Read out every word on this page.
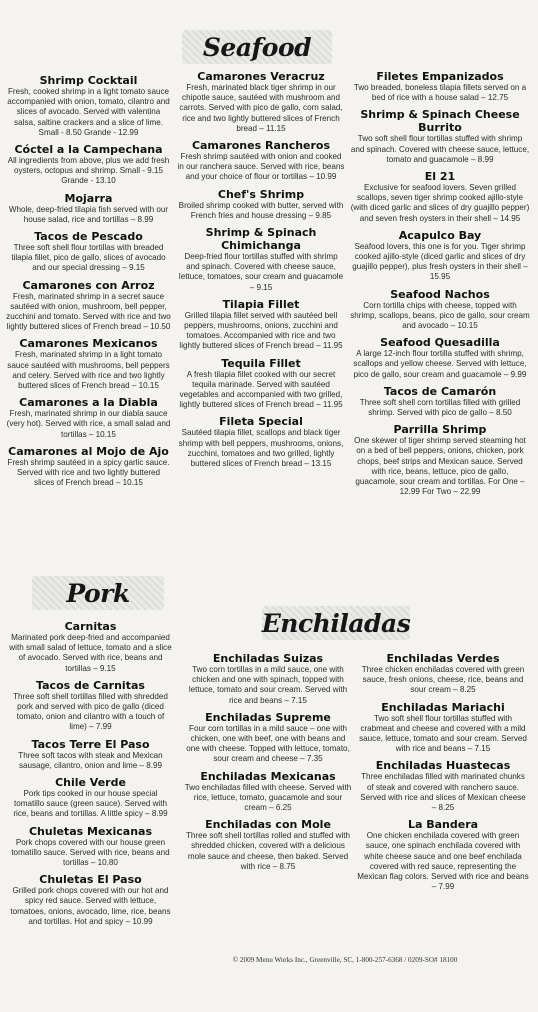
Seafood
Shrimp Cocktail
Fresh, cooked shrimp in a light tomato sauce accompanied with onion, tomato, cilantro and slices of avocado. Served with valentina salsa, saltine crackers and a slice of lime. Small - 8.50 Grande - 12.99
Cóctel a la Campechana
All ingredients from above, plus we add fresh oysters, octopus and shrimp. Small - 9.15 Grande - 13.10
Mojarra
Whole, deep-fried tilapia fish served with our house salad, rice and tortillas – 8.99
Tacos de Pescado
Three soft shell flour tortillas with breaded tilapia fillet, pico de gallo, slices of avocado and our special dressing – 9.15
Camarones con Arroz
Fresh, marinated shrimp in a secret sauce sautéed with onion, mushroom, bell pepper, zucchini and tomato. Served with rice and two lightly buttered slices of French bread – 10.50
Camarones Mexicanos
Fresh, marinated shrimp in a light tomato sauce sautéed with mushrooms, bell peppers and celery. Served with rice and two lightly buttered slices of French bread – 10.15
Camarones a la Diabla
Fresh, marinated shrimp in our diabla sauce (very hot). Served with rice, a small salad and tortillas – 10.15
Camarones al Mojo de Ajo
Fresh shrimp sautéed in a spicy garlic sauce. Served with rice and two lightly buttered slices of French bread – 10.15
Camarones Veracruz
Fresh, marinated black tiger shrimp in our chipotle sauce, sautéed with mushroom and carrots. Served with pico de gallo, corn salad, rice and two lightly buttered slices of French bread – 11.15
Camarones Rancheros
Fresh shrimp sautéed with onion and cooked in our ranchera sauce. Served with rice, beans and your choice of flour or tortillas – 10.99
Chef's Shrimp
Broiled shrimp cooked with butter, served with French fries and house dressing – 9.85
Shrimp & Spinach Chimichanga
Deep-fried flour tortillas stuffed with shrimp and spinach. Covered with cheese sauce, lettuce, tomatoes, sour cream and guacamole – 9.15
Tilapia Fillet
Grilled tilapia fillet served with sautéed bell peppers, mushrooms, onions, zucchini and tomatoes. Accompanied with rice and two lightly buttered slices of French bread – 11.95
Tequila Fillet
A fresh tilapia fillet cooked with our secret tequila marinade. Served with sautéed vegetables and accompanied with two grilled, lightly buttered slices of French bread – 11.95
Fileta Special
Sautéed tilapia fillet, scallops and black tiger shrimp with bell peppers, mushrooms, onions, zucchini, tomatoes and two grilled, lightly buttered slices of French bread – 13.15
Filetes Empanizados
Two breaded, boneless tilapia fillets served on a bed of rice with a house salad – 12.75
Shrimp & Spinach Cheese Burrito
Two soft shell flour tortillas stuffed with shrimp and spinach. Covered with cheese sauce, lettuce, tomato and guacamole – 8.99
El 21
Exclusive for seafood lovers. Seven grilled scallops, seven tiger shrimp cooked ajillo-style (with diced garlic and slices of dry guajillo pepper) and seven fresh oysters in their shell – 14.95
Acapulco Bay
Seafood lovers, this one is for you. Tiger shrimp cooked ajillo-style (diced garlic and slices of dry guajillo pepper), plus fresh oysters in their shell – 15.95
Seafood Nachos
Corn tortilla chips with cheese, topped with shrimp, scallops, beans, pico de gallo, sour cream and avocado – 10.15
Seafood Quesadilla
A large 12-inch flour tortilla stuffed with shrimp, scallops and yellow cheese. Served with lettuce, pico de gallo, sour cream and guacamole – 9.99
Tacos de Camarón
Three soft shell corn tortillas filled with grilled shrimp. Served with pico de gallo – 8.50
Parrilla Shrimp
One skewer of tiger shrimp served steaming hot on a bed of bell peppers, onions, chicken, pork chops, beef strips and Mexican sauce. Served with rice, beans, lettuce, pico de gallo, guacamole, sour cream and tortillas. For One – 12.99 For Two – 22.99
Pork
Carnitas
Marinated pork deep-fried and accompanied with small salad of lettuce, tomato and a slice of avocado. Served with rice, beans and tortillas – 9.15
Tacos de Carnitas
Three soft shell tortillas filled with shredded pork and served with pico de gallo (diced tomato, onion and cilantro with a touch of lime) – 7.99
Tacos Terre El Paso
Three soft tacos with steak and Mexican sausage, cilantro, onion and lime – 8.99
Chile Verde
Pork tips cooked in our house special tomatillo sauce (green sauce). Served with rice, beans and tortillas. A little spicy – 8.99
Chuletas Mexicanas
Pork chops covered with our house green tomatillo sauce. Served with rice, beans and tortillas – 10.80
Chuletas El Paso
Grilled pork chops covered with our hot and spicy red sauce. Served with lettuce, tomatoes, onions, avocado, lime, rice, beans and tortillas. Hot and spicy – 10.99
Enchiladas
Enchiladas Suizas
Two corn tortillas in a mild sauce, one with chicken and one with spinach, topped with lettuce, tomato and sour cream. Served with rice and beans – 7.15
Enchiladas Supreme
Four corn tortillas in a mild sauce – one with chicken, one with beef, one with beans and one with cheese. Topped with lettuce, tomato, sour cream and cheese – 7.35
Enchiladas Mexicanas
Two enchiladas filled with cheese. Served with rice, lettuce, tomato, guacamole and sour cream – 6.25
Enchiladas con Mole
Three soft shell tortillas rolled and stuffed with shredded chicken, covered with a delicious mole sauce and cheese, then baked. Served with rice – 8.75
Enchiladas Verdes
Three chicken enchiladas covered with green sauce, fresh onions, cheese, rice, beans and sour cream – 8.25
Enchiladas Mariachi
Two soft shell flour tortillas stuffed with crabmeat and cheese and covered with a mild sauce, lettuce, tomato and sour cream. Served with rice and beans – 7.15
Enchiladas Huastecas
Three enchiladas filled with marinated chunks of steak and covered with ranchero sauce. Served with rice and slices of Mexican cheese – 8.25
La Bandera
One chicken enchilada covered with green sauce, one spinach enchilada covered with white cheese sauce and one beef enchilada covered with red sauce, representing the Mexican flag colors. Served with rice and beans – 7.99
© 2009 Menu Works Inc., Greenville, SC, 1-800-257-6368 / 0209-SO# 18100
